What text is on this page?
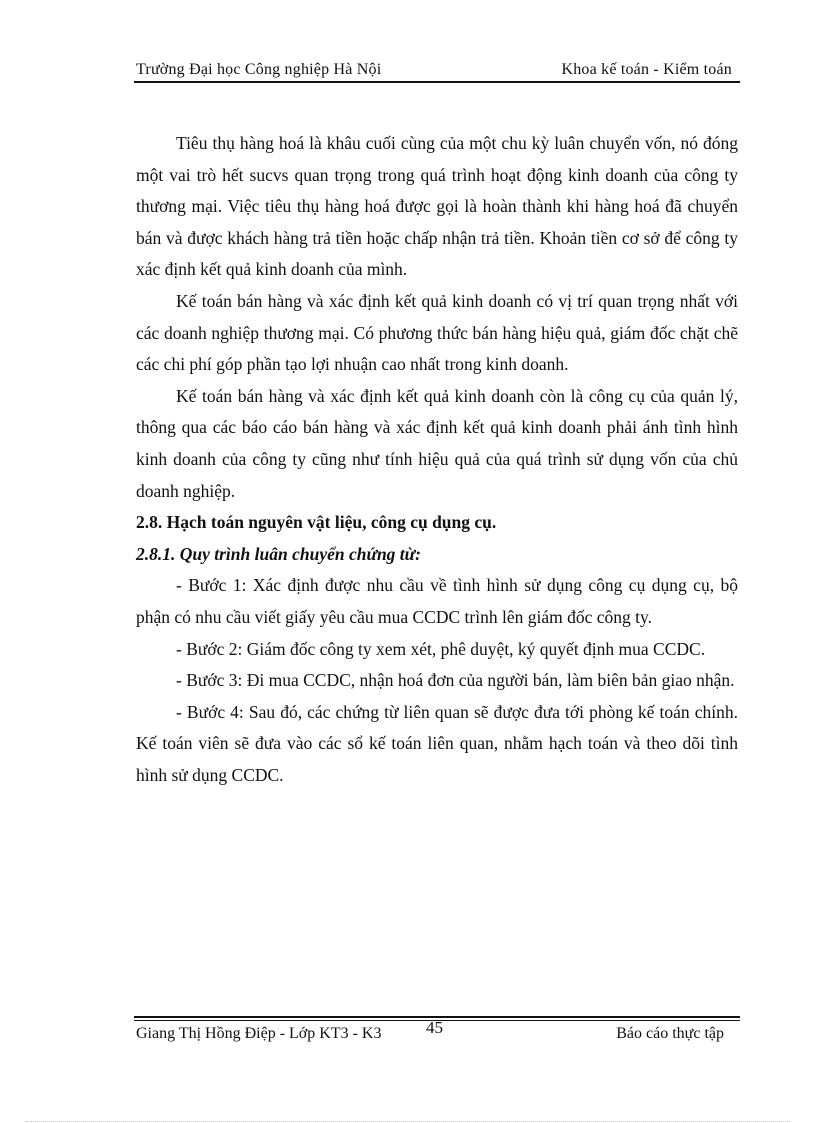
Trường Đại học Công nghiệp Hà Nội	Khoa kế toán - Kiểm toán

Tiêu thụ hàng hoá là khâu cuối cùng của một chu kỳ luân chuyển vốn, nó đóng một vai trò hết sucvs quan trọng trong quá trình hoạt động kinh doanh của công ty thương mại. Việc tiêu thụ hàng hoá được gọi là hoàn thành khi hàng hoá đã chuyển bán và được khách hàng trả tiền hoặc chấp nhận trả tiền. Khoản tiền cơ sở để công ty xác định kết quả kinh doanh của mình.

Kế toán bán hàng và xác định kết quả kinh doanh có vị trí quan trọng nhất với các doanh nghiệp thương mại. Có phương thức bán hàng hiệu quả, giám đốc chặt chẽ các chi phí góp phần tạo lợi nhuận cao nhất trong kinh doanh.

Kế toán bán hàng và xác định kết quả kinh doanh còn là công cụ của quản lý, thông qua các báo cáo bán hàng và xác định kết quả kinh doanh phải ánh tình hình kinh doanh của công ty cũng như tính hiệu quả của quá trình sử dụng vốn của chủ doanh nghiệp.

2.8. Hạch toán nguyên vật liệu, công cụ dụng cụ.

2.8.1. Quy trình luân chuyển chứng từ:

- Bước 1: Xác định được nhu cầu về tình hình sử dụng công cụ dụng cụ, bộ phận có nhu cầu viết giấy yêu cầu mua CCDC trình lên giám đốc công ty.

- Bước 2: Giám đốc công ty xem xét, phê duyệt, ký quyết định mua CCDC.

- Bước 3: Đi mua CCDC, nhận hoá đơn của người bán, làm biên bản giao nhận.

- Bước 4: Sau đó, các chứng từ liên quan sẽ được đưa tới phòng kế toán chính. Kế toán viên sẽ đưa vào các sổ kế toán liên quan, nhằm hạch toán và theo dõi tình hình sử dụng CCDC.

Giang Thị Hồng Điệp - Lớp KT3 - K3	45	Báo cáo thực tập
